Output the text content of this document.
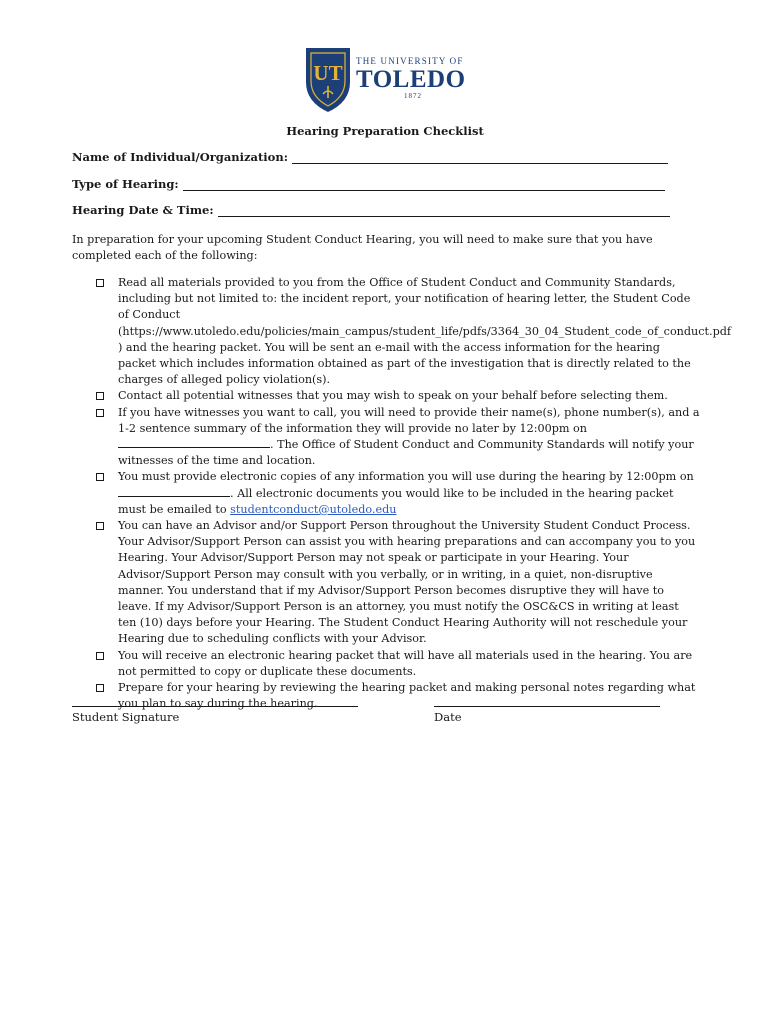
UT THE UNIVERSITY OF
TOLEDO
1872
Hearing Preparation Checklist
Name of Individual/Organization:
Type of Hearing:
Hearing Date & Time:
In preparation for your upcoming Student Conduct Hearing, you will need to make sure that you have completed each of the following:
Read all materials provided to you from the Office of Student Conduct and Community Standards, including but not limited to: the incident report, your notification of hearing letter, the Student Code of Conduct (https://www.utoledo.edu/policies/main_campus/student_life/pdfs/3364_30_04_Student_code_of_conduct.pdf ) and the hearing packet. You will be sent an e-mail with the access information for the hearing packet which includes information obtained as part of the investigation that is directly related to the charges of alleged policy violation(s).
Contact all potential witnesses that you may wish to speak on your behalf before selecting them.
If you have witnesses you want to call, you will need to provide their name(s), phone number(s), and a 1-2 sentence summary of the information they will provide no later by 12:00pm on . The Office of Student Conduct and Community Standards will notify your witnesses of the time and location.
You must provide electronic copies of any information you will use during the hearing by 12:00pm on . All electronic documents you would like to be included in the hearing packet must be emailed to studentconduct@utoledo.edu
You can have an Advisor and/or Support Person throughout the University Student Conduct Process. Your Advisor/Support Person can assist you with hearing preparations and can accompany you to you Hearing. Your Advisor/Support Person may not speak or participate in your Hearing. Your Advisor/Support Person may consult with you verbally, or in writing, in a quiet, non-disruptive manner. You understand that if my Advisor/Support Person becomes disruptive they will have to leave. If my Advisor/Support Person is an attorney, you must notify the OSC&CS in writing at least ten (10) days before your Hearing. The Student Conduct Hearing Authority will not reschedule your Hearing due to scheduling conflicts with your Advisor.
You will receive an electronic hearing packet that will have all materials used in the hearing. You are not permitted to copy or duplicate these documents.
Prepare for your hearing by reviewing the hearing packet and making personal notes regarding what you plan to say during the hearing.
Student Signature	Date
